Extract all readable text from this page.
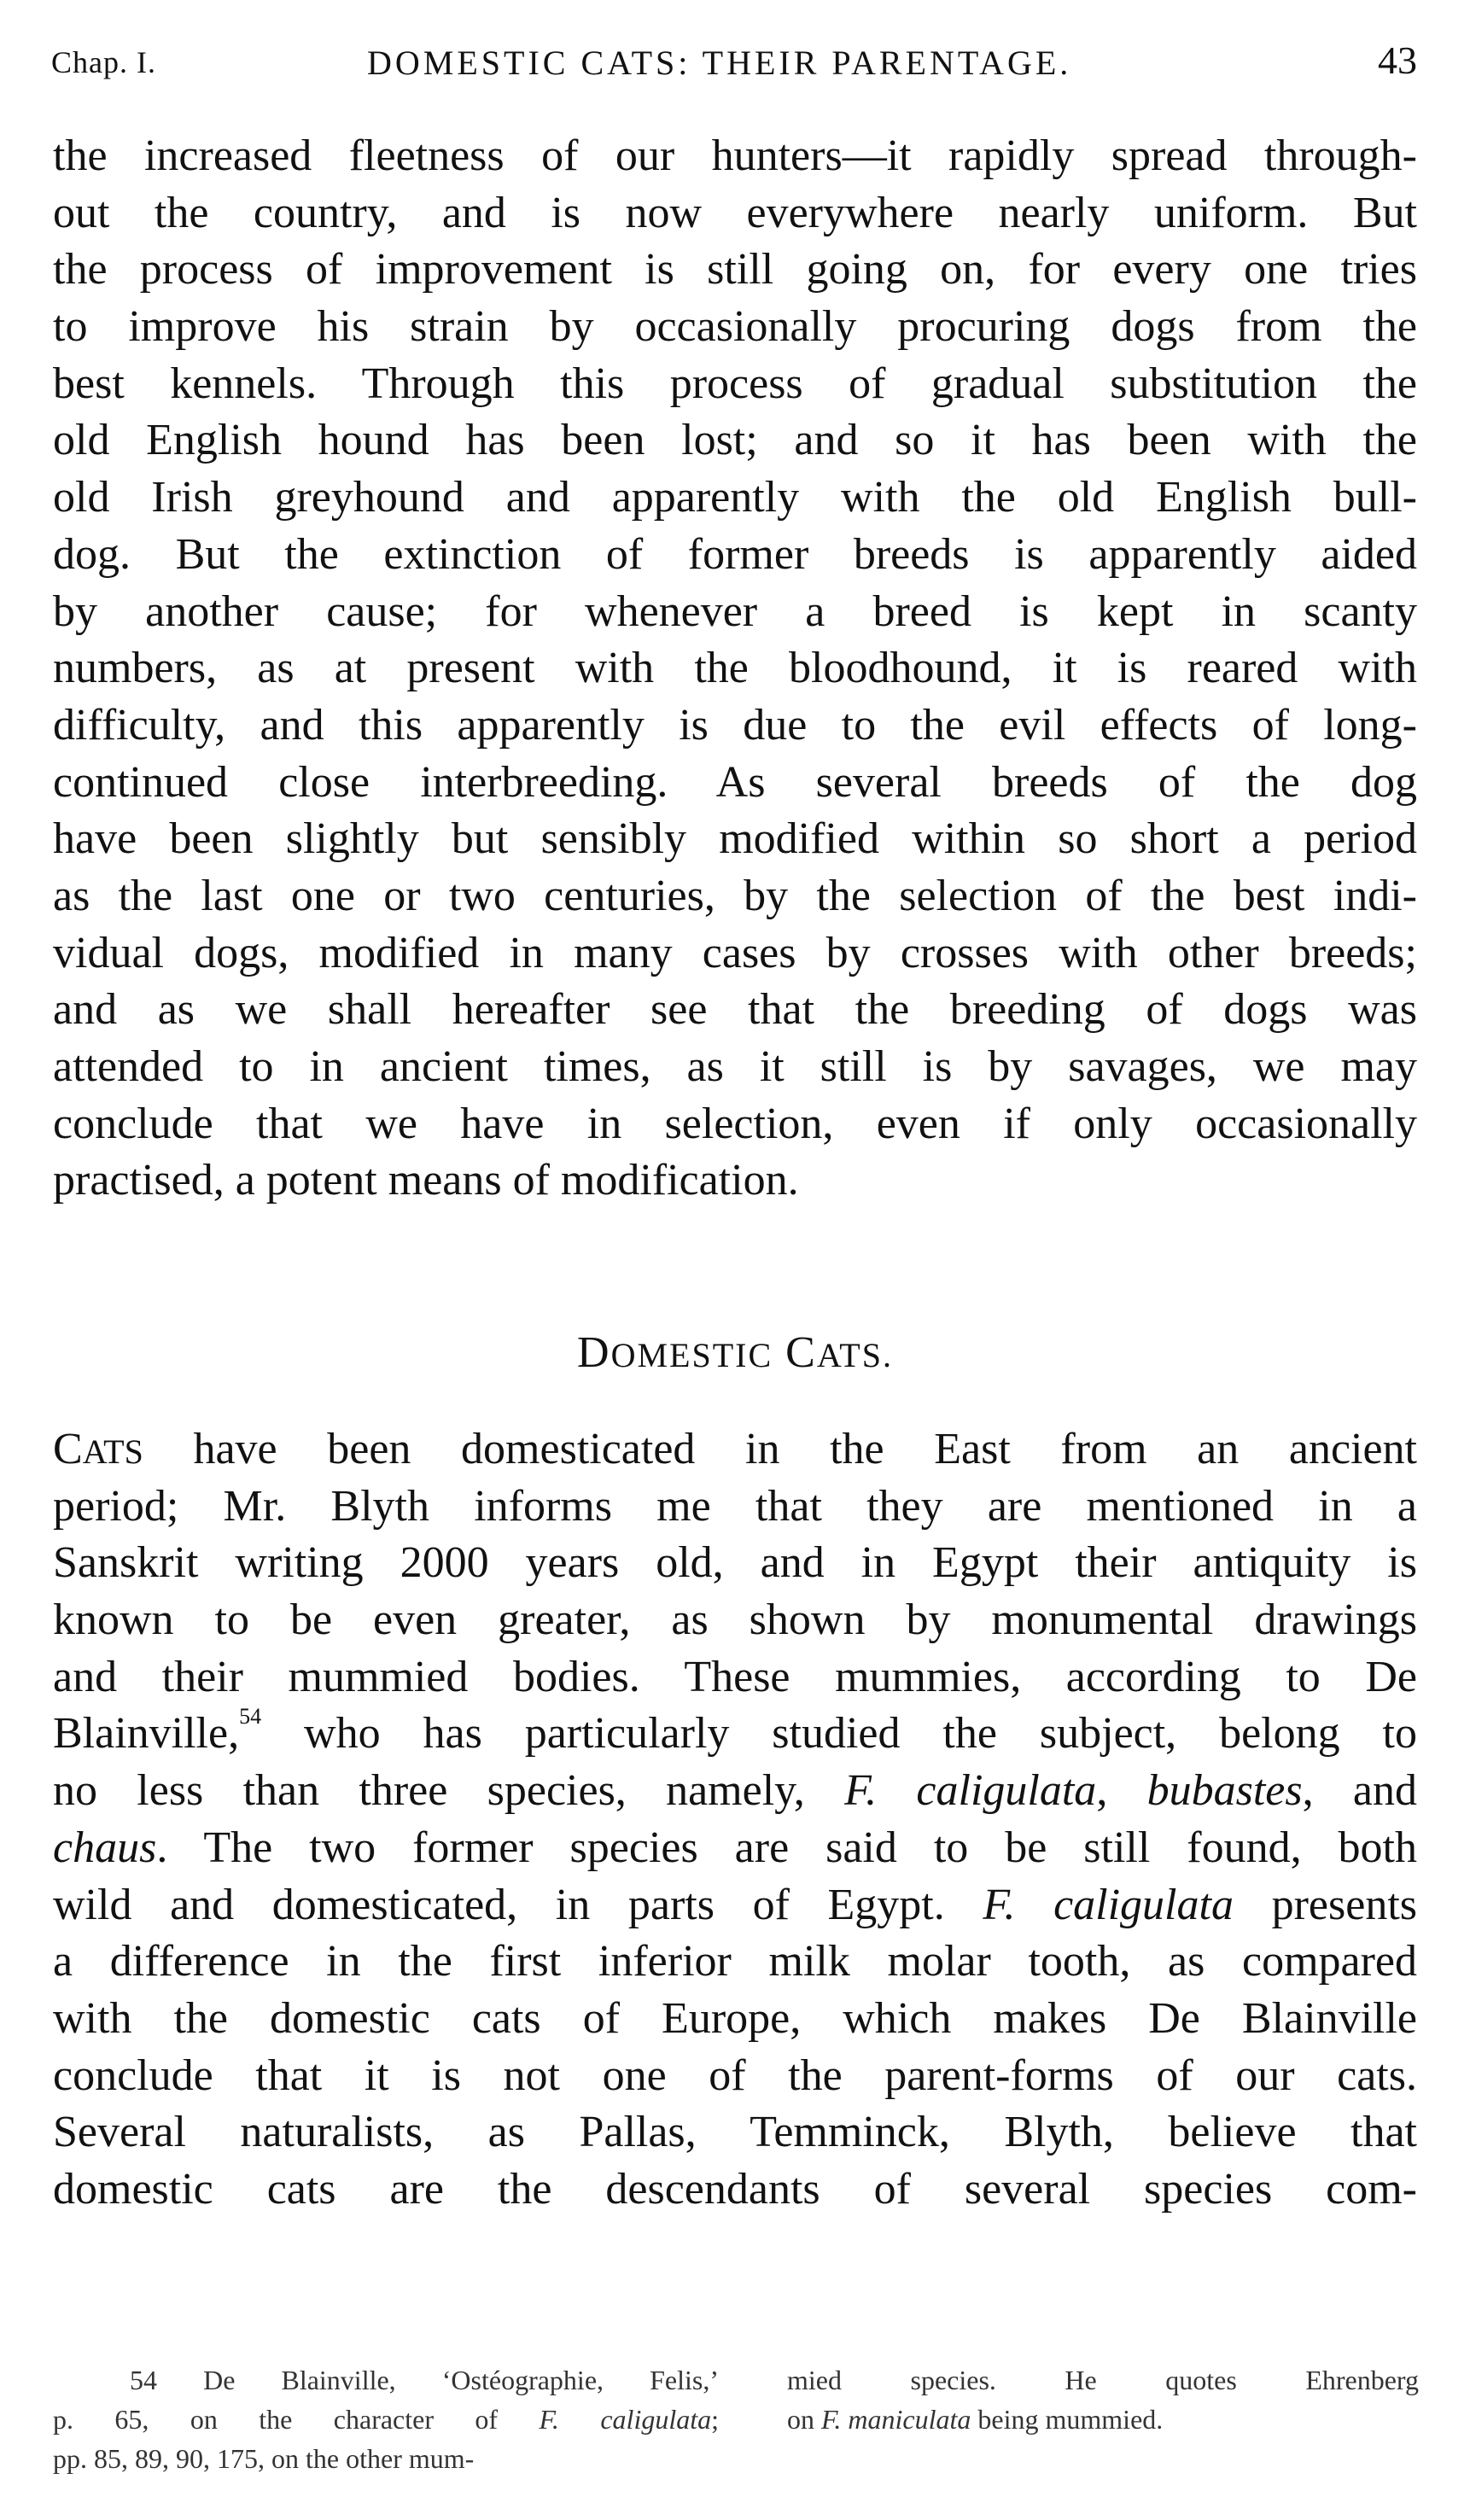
Chap. I.	DOMESTIC CATS: THEIR PARENTAGE.	43
the increased fleetness of our hunters—it rapidly spread through-
out the country, and is now everywhere nearly uniform. But
the process of improvement is still going on, for every one tries
to improve his strain by occasionally procuring dogs from the
best kennels. Through this process of gradual substitution the
old English hound has been lost; and so it has been with the
old Irish greyhound and apparently with the old English bull-
dog. But the extinction of former breeds is apparently aided
by another cause; for whenever a breed is kept in scanty
numbers, as at present with the bloodhound, it is reared with
difficulty, and this apparently is due to the evil effects of long-
continued close interbreeding. As several breeds of the dog
have been slightly but sensibly modified within so short a period
as the last one or two centuries, by the selection of the best indi-
vidual dogs, modified in many cases by crosses with other breeds;
and as we shall hereafter see that the breeding of dogs was
attended to in ancient times, as it still is by savages, we may
conclude that we have in selection, even if only occasionally
practised, a potent means of modification.
DOMESTIC CATS.
CATS have been domesticated in the East from an ancient
period; Mr. Blyth informs me that they are mentioned in a
Sanskrit writing 2000 years old, and in Egypt their antiquity is
known to be even greater, as shown by monumental drawings
and their mummied bodies. These mummies, according to De
Blainville,$^{54}$ who has particularly studied the subject, belong to
no less than three species, namely, F. caligulata, bubastes, and
chaus. The two former species are said to be still found, both
wild and domesticated, in parts of Egypt. F. caligulata presents
a difference in the first inferior milk molar tooth, as compared
with the domestic cats of Europe, which makes De Blainville
conclude that it is not one of the parent-forms of our cats.
Several naturalists, as Pallas, Temminck, Blyth, believe that
domestic cats are the descendants of several species com-
54 De Blainville, ‘Ostéographie, Felis,’
p. 65, on the character of F. caligulata;
pp. 85, 89, 90, 175, on the other mum-
mied species. He quotes Ehrenberg
on F. maniculata being mummied.
